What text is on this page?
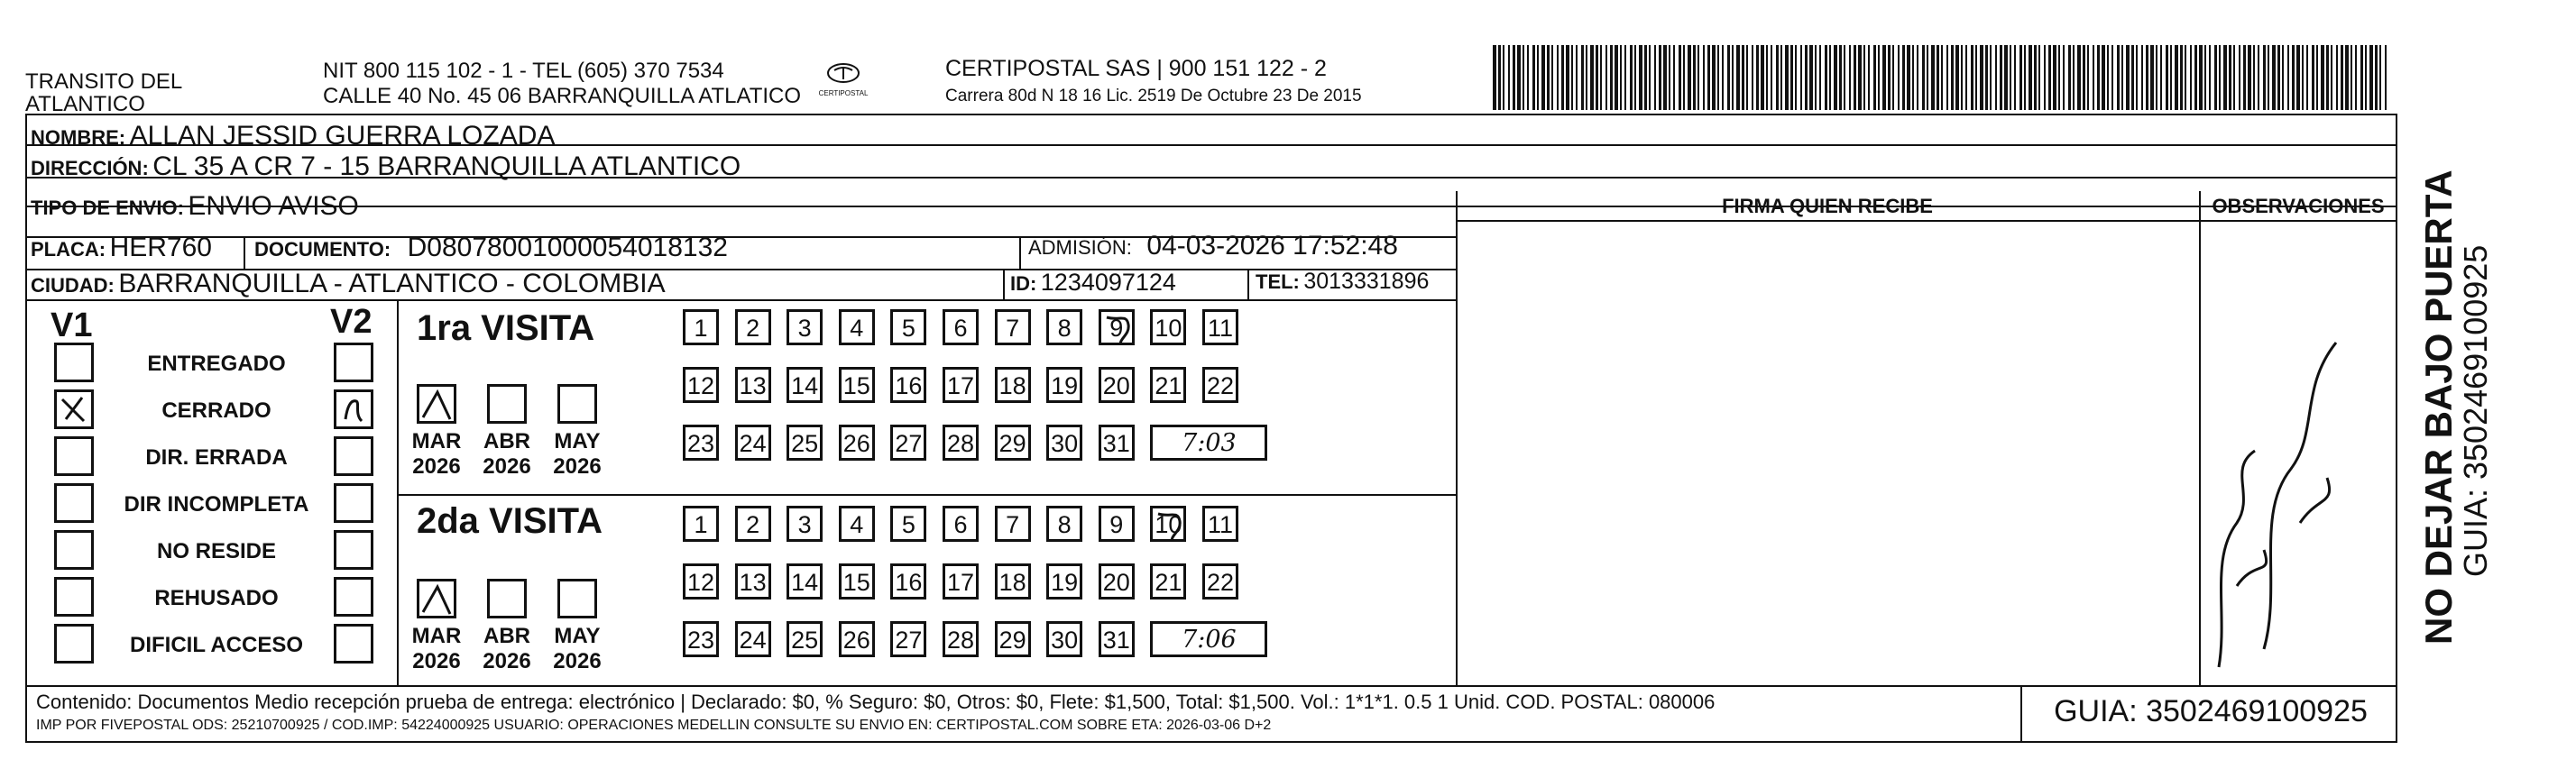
TRANSITO DEL ATLANTICO
NIT 800 115 102 - 1 - TEL (605) 370 7534
CALLE 40 No. 45 06 BARRANQUILLA ATLATICO	CERTIPOSTAL
CERTIPOSTAL SAS | 900 151 122 - 2
Carrera 80d N 18 16 Lic. 2519 De Octubre 23 De 2015
NOMBRE: ALLAN JESSID GUERRA LOZADA
DIRECCIÓN: CL 35 A CR 7 - 15 BARRANQUILLA ATLANTICO
TIPO DE ENVIO: ENVIO AVISO
PLACA: HER760 DOCUMENTO: D08078001000054018132	ADMISIÓN: 04-03-2026 17:52:48
CIUDAD: BARRANQUILLA - ATLANTICO - COLOMBIA	ID: 1234097124	TEL: 3013331896
FIRMA QUIEN RECIBE	OBSERVACIONES
V1	V2
ENTREGADO
CERRADO
DIR. ERRADA
DIR INCOMPLETA
NO RESIDE
REHUSADO
DIFICIL ACCESO
1ra VISITA
2da VISITA
MAR
2026
ABR
2026
MAY
2026
MAR
2026
ABR
2026
MAY
2026
1	2	3	4	5	6	7	8	9	10 11
12 13 14 15 16 17 18 19 20 21 22
23 24 25 26 27 28 29 30 31	7:03
1	2	3	4	5	6	7	8	9	10 11
12 13 14 15 16 17 18 19 20 21 22
23 24 25 26 27 28 29 30 31	7:06
Contenido: Documentos Medio recepción prueba de entrega: electrónico | Declarado: $0, % Seguro: $0, Otros: $0, Flete: $1,500, Total: $1,500. Vol.: 1*1*1. 0.5 1 Unid. COD. POSTAL: 080006
IMP POR FIVEPOSTAL ODS: 25210700925 / COD.IMP: 54224000925 USUARIO: OPERACIONES MEDELLIN CONSULTE SU ENVIO EN: CERTIPOSTAL.COM SOBRE ETA: 2026-03-06 D+2	GUIA: 3502469100925
NO DEJAR BAJO PUERTA
GUIA: 3502469100925
